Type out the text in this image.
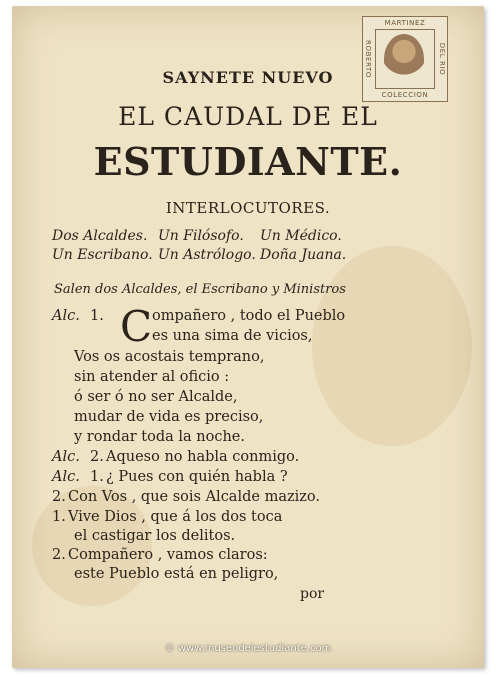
MARTINEZ
ROBERTO	DEL RIO
COLECCION
SAYNETE NUEVO
EL CAUDAL DE EL
ESTUDIANTE.
INTERLOCUTORES.
Dos Alcaldes. Un Filósofo. Un Médico.
Un Escribano. Un Astrólogo. Doña Juana.
Salen dos Alcaldes, el Escribano y Ministros
C
Alc. 1.	ompañero , todo el Pueblo
es una sima de vicios,
Vos os acostais temprano,
sin atender al oficio :
ó ser ó no ser Alcalde,
mudar de vida es preciso,
y rondar toda la noche.
Alc. 2. Aqueso no habla conmigo.
Alc. 1. ¿ Pues con quién habla ?
2. Con Vos , que sois Alcalde mazizo.
1. Vive Dios , que á los dos toca
el castigar los delitos.
2. Compañero , vamos claros:
este Pueblo está en peligro,
por
© www.museodelestudiante.com
